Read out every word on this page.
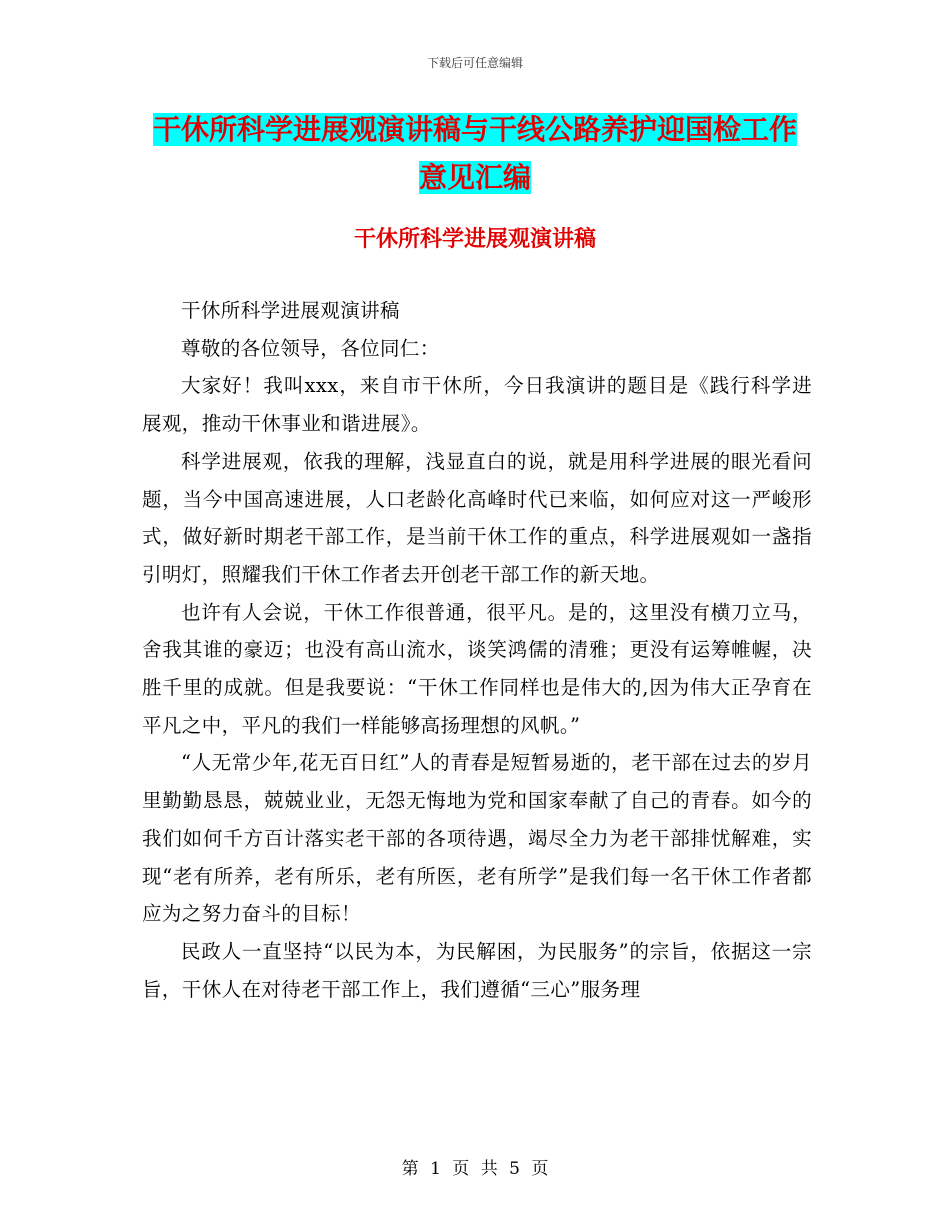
下载后可任意编辑
干休所科学进展观演讲稿与干线公路养护迎国检工作
意见汇编
干休所科学进展观演讲稿

干休所科学进展观演讲稿

尊敬的各位领导，各位同仁：

大家好！我叫xxx，来自市干休所，今日我演讲的题目是《践行科学进展观，推动干休事业和谐进展》。

科学进展观，依我的理解，浅显直白的说，就是用科学进展的眼光看问题，当今中国高速进展，人口老龄化高峰时代已来临，如何应对这一严峻形式，做好新时期老干部工作，是当前干休工作的重点，科学进展观如一盏指引明灯，照耀我们干休工作者去开创老干部工作的新天地。

也许有人会说，干休工作很普通，很平凡。是的，这里没有横刀立马，舍我其谁的豪迈；也没有高山流水，谈笑鸿儒的清雅；更没有运筹帷幄，决胜千里的成就。但是我要说：“干休工作同样也是伟大的,因为伟大正孕育在平凡之中，平凡的我们一样能够高扬理想的风帆。”

“人无常少年,花无百日红”人的青春是短暂易逝的，老干部在过去的岁月里勤勤恳恳，兢兢业业，无怨无悔地为党和国家奉献了自己的青春。如今的我们如何千方百计落实老干部的各项待遇，竭尽全力为老干部排忧解难，实现“老有所养，老有所乐，老有所医，老有所学”是我们每一名干休工作者都应为之努力奋斗的目标！

民政人一直坚持“以民为本，为民解困，为民服务”的宗旨，依据这一宗旨，干休人在对待老干部工作上，我们遵循“三心”服务理

第 1 页 共 5 页
